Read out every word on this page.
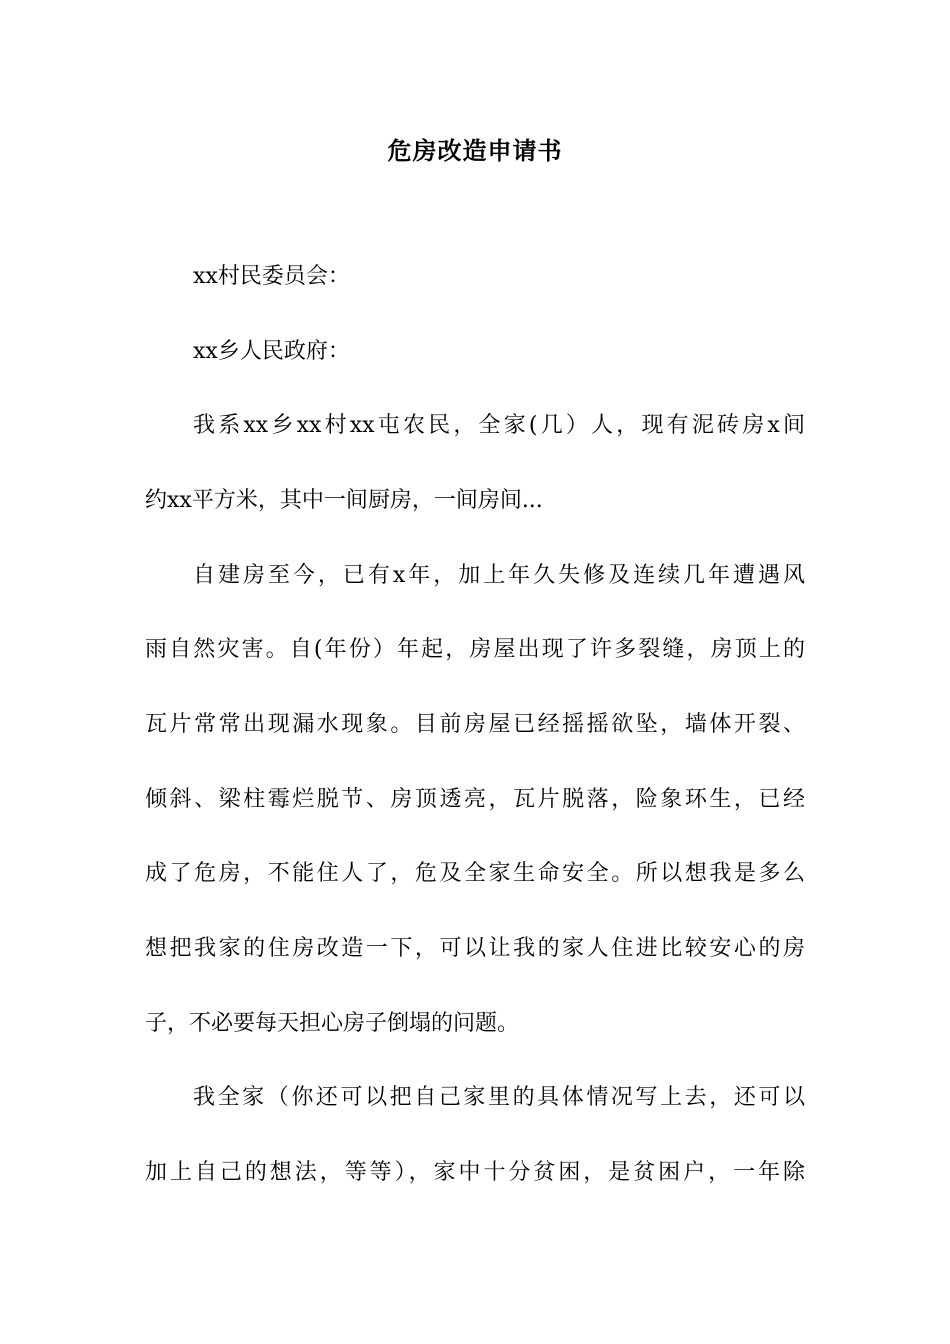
危房改造申请书
xx村民委员会：
xx乡人民政府：
我系xx乡xx村xx屯农民，全家(几）人，现有泥砖房x间
约xx平方米，其中一间厨房，一间房间...
自建房至今，已有x年，加上年久失修及连续几年遭遇风
雨自然灾害。自(年份）年起，房屋出现了许多裂缝，房顶上的
瓦片常常出现漏水现象。目前房屋已经摇摇欲坠，墙体开裂、
倾斜、梁柱霉烂脱节、房顶透亮，瓦片脱落，险象环生，已经
成了危房，不能住人了，危及全家生命安全。所以想我是多么
想把我家的住房改造一下，可以让我的家人住进比较安心的房
子，不必要每天担心房子倒塌的问题。
我全家（你还可以把自己家里的具体情况写上去，还可以
加上自己的想法，等等），家中十分贫困，是贫困户，一年除
